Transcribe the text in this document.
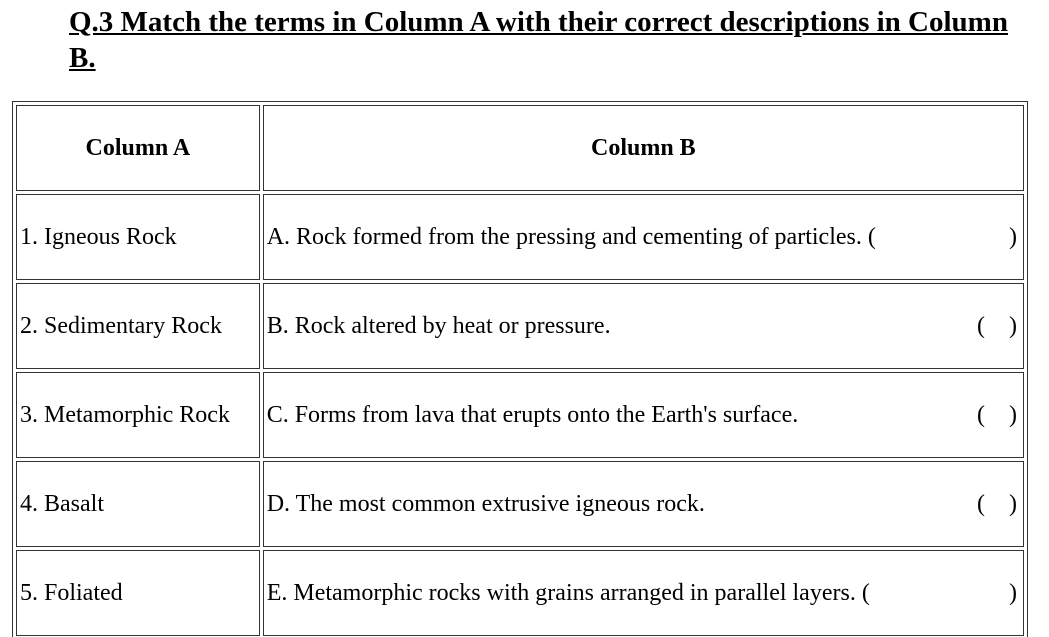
Q.3 Match the terms in Column A with their correct descriptions in Column B.
Column A	Column B
1. Igneous Rock	A. Rock formed from the pressing and cementing of particles. ( )

2. Sedimentary Rock	B. Rock altered by heat or pressure. (    )

3. Metamorphic Rock	C. Forms from lava that erupts onto the Earth's surface. (    )

4. Basalt	D. The most common extrusive igneous rock. (    )

5. Foliated	E. Metamorphic rocks with grains arranged in parallel layers. ( )
